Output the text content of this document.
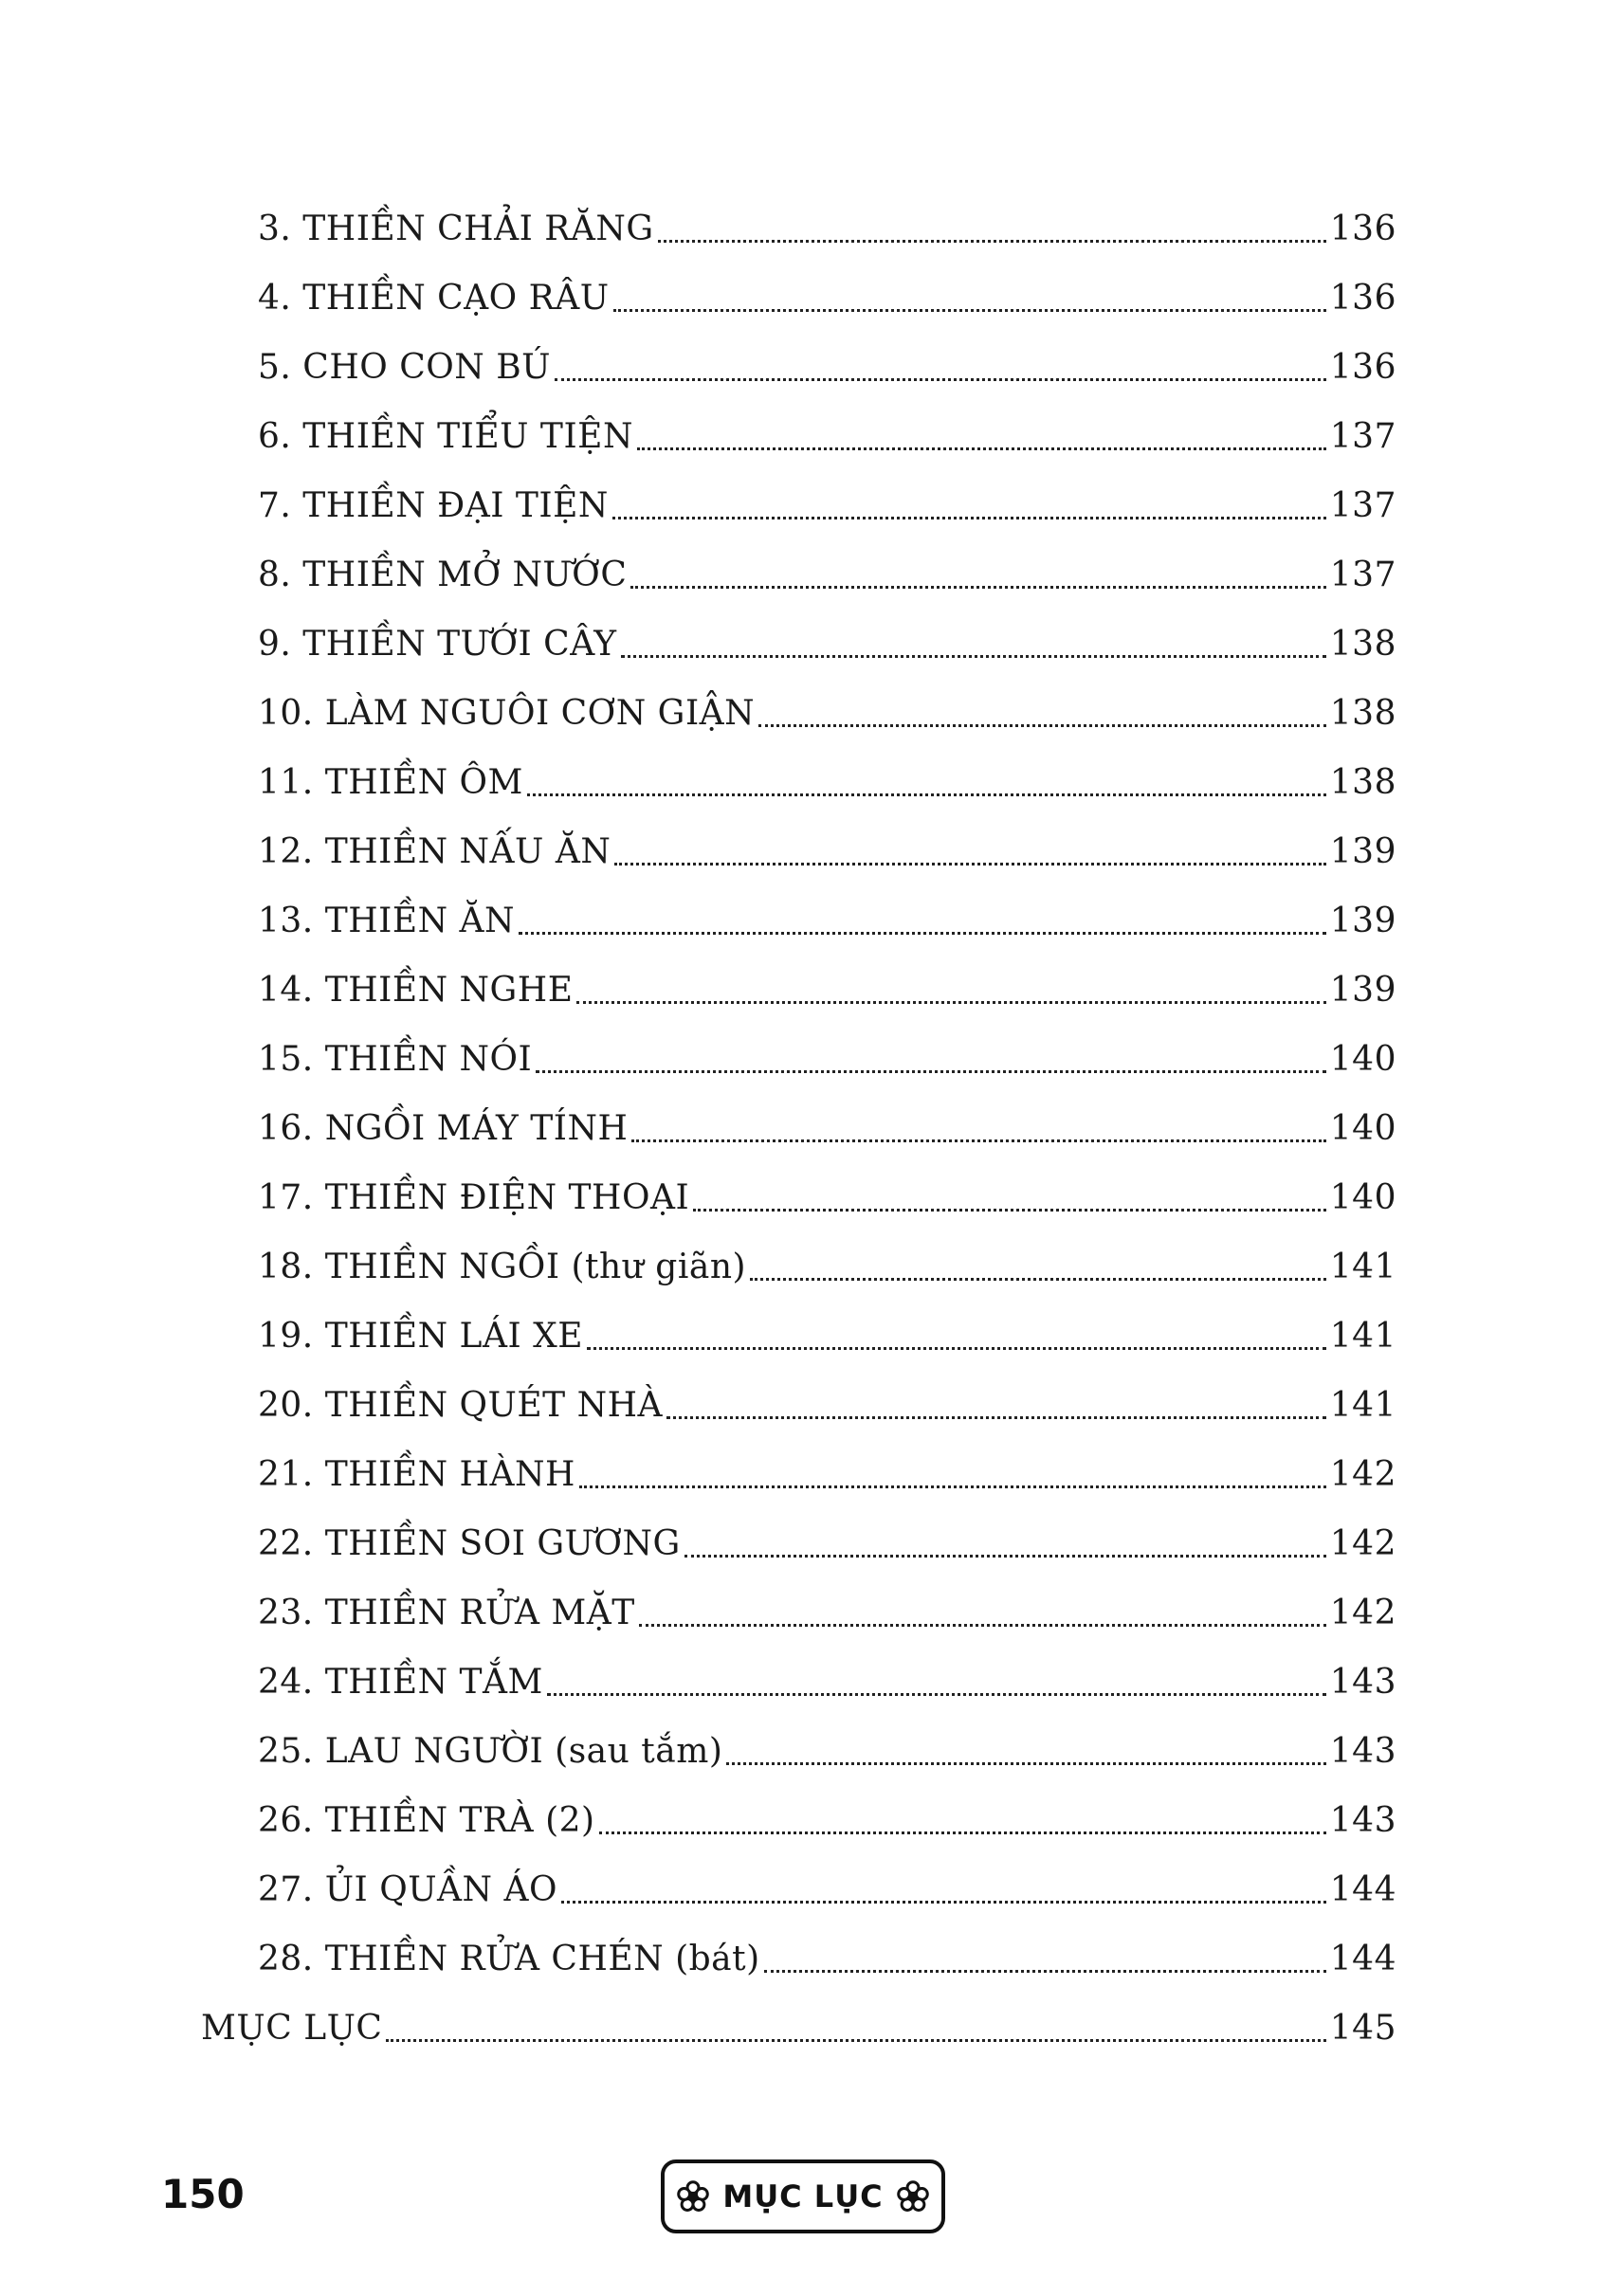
3. THIỀN CHẢI RĂNG	136
4. THIỀN CẠO RÂU	136
5. CHO CON BÚ	136
6. THIỀN TIỂU TIỆN	137
7. THIỀN ĐẠI TIỆN	137
8. THIỀN MỞ NƯỚC	137
9. THIỀN TƯỚI CÂY	138
10. LÀM NGUÔI CƠN GIẬN	138
11. THIỀN ÔM	138
12. THIỀN NẤU ĂN	139
13. THIỀN ĂN	139
14. THIỀN NGHE	139
15. THIỀN NÓI	140
16. NGỒI MÁY TÍNH	140
17. THIỀN ĐIỆN THOẠI	140
18. THIỀN NGỒI (thư giãn)	141
19. THIỀN LÁI XE	141
20. THIỀN QUÉT NHÀ	141
21. THIỀN HÀNH	142
22. THIỀN SOI GƯƠNG	142
23. THIỀN RỬA MẶT	142
24. THIỀN TẮM	143
25. LAU NGƯỜI (sau tắm)	143
26. THIỀN TRÀ (2)	143
27. ỦI QUẦN ÁO	144
28. THIỀN RỬA CHÉN (bát)	144
MỤC LỤC	145
150	MỤC LỤC
